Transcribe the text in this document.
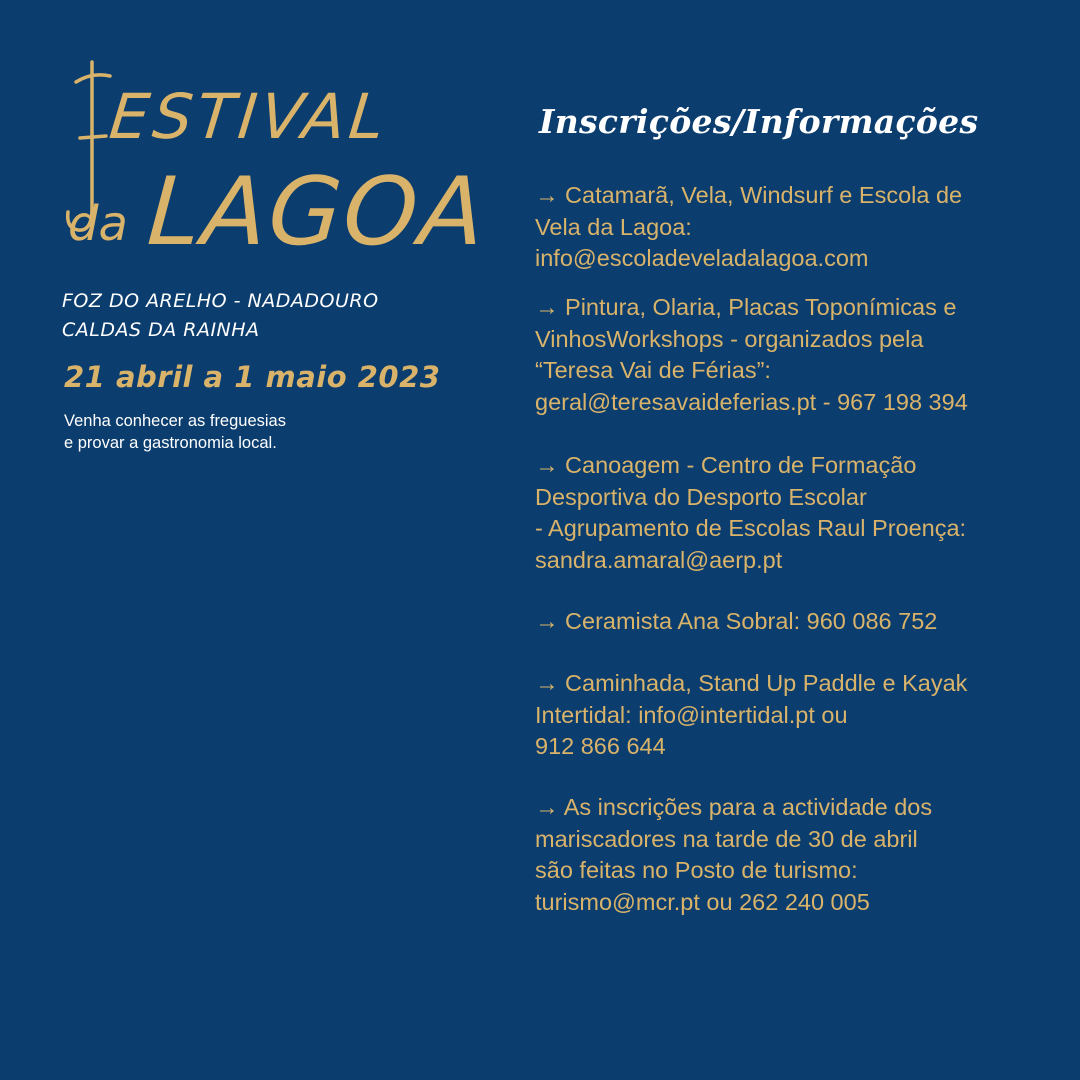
ESTIVAL
da LAGOA
FOZ DO ARELHO - NADADOURO
CALDAS DA RAINHA
21 abril a 1 maio 2023
Venha conhecer as freguesias
e provar a gastronomia local.
Inscrições/Informações
→ Catamarã, Vela, Windsurf e Escola de
Vela da Lagoa:
info@escoladeveladalagoa.com
→ Pintura, Olaria, Placas Toponímicas e
VinhosWorkshops - organizados pela
“Teresa Vai de Férias”:
geral@teresavaideferias.pt - 967 198 394
→ Canoagem - Centro de Formação
Desportiva do Desporto Escolar
- Agrupamento de Escolas Raul Proença:
sandra.amaral@aerp.pt
→ Ceramista Ana Sobral: 960 086 752
→ Caminhada, Stand Up Paddle e Kayak
Intertidal: info@intertidal.pt ou
912 866 644
→ As inscrições para a actividade dos
mariscadores na tarde de 30 de abril
são feitas no Posto de turismo:
turismo@mcr.pt ou 262 240 005
